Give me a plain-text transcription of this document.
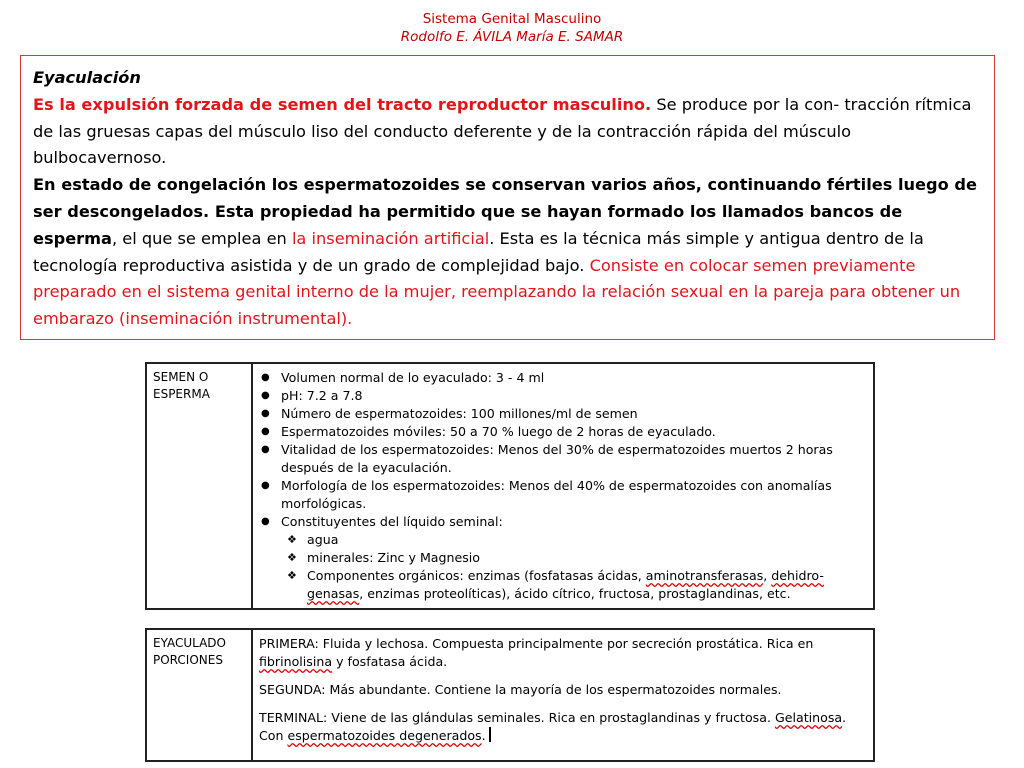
Sistema Genital Masculino
Rodolfo E. ÁVILA María E. SAMAR

Eyaculación

Es la expulsión forzada de semen del tracto reproductor masculino. Se produce por la con- tracción rítmica de las gruesas capas del músculo liso del conducto deferente y de la contracción rápida del músculo bulbocavernoso.

En estado de congelación los espermatozoides se conservan varios años, continuando fértiles luego de ser descongelados. Esta propiedad ha permitido que se hayan formado los llamados bancos de esperma, el que se emplea en la inseminación artificial. Esta es la técnica más simple y antigua dentro de la tecnología reproductiva asistida y de un grado de complejidad bajo. Consiste en colocar semen previamente preparado en el sistema genital interno de la mujer, reemplazando la relación sexual en la pareja para obtener un embarazo (inseminación instrumental).

SEMEN O ESPERMA	
● Volumen normal de lo eyaculado: 3 - 4 ml
● pH: 7.2 a 7.8
● Número de espermatozoides: 100 millones/ml de semen
● Espermatozoides móviles: 50 a 70 % luego de 2 horas de eyaculado.
● Vitalidad de los espermatozoides: Menos del 30% de espermatozoides muertos 2 horas después de la eyaculación.
● Morfología de los espermatozoides: Menos del 40% de espermatozoides con anomalías morfológicas.
● Constituyentes del líquido seminal:
❖ agua
❖ minerales: Zinc y Magnesio
❖ Componentes orgánicos: enzimas (fosfatasas ácidas, aminotransferasas, dehidro-genasas, enzimas proteolíticas), ácido cítrico, fructosa, prostaglandinas, etc.
EYACULADO PORCIONES	

PRIMERA: Fluida y lechosa. Compuesta principalmente por secreción prostática. Rica en fibrinolisina y fosfatasa ácida.

SEGUNDA: Más abundante. Contiene la mayoría de los espermatozoides normales.

TERMINAL: Viene de las glándulas seminales. Rica en prostaglandinas y fructosa. Gelatinosa. Con espermatozoides degenerados.
